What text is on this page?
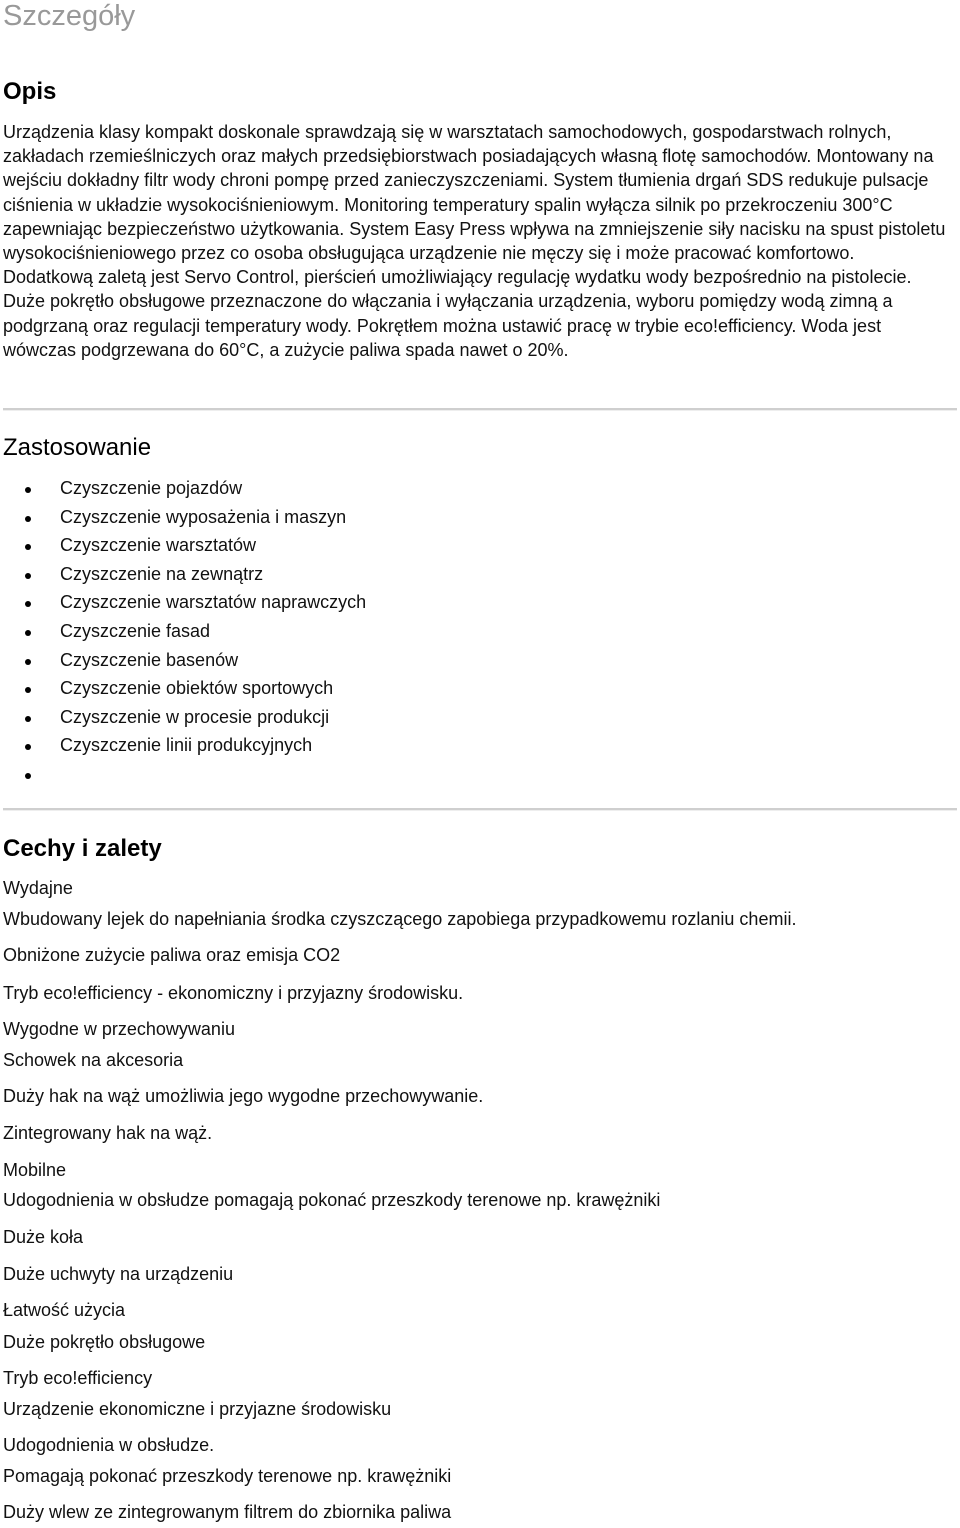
Szczegóły
Opis

Urządzenia klasy kompakt doskonale sprawdzają się w warsztatach samochodowych, gospodarstwach rolnych, zakładach rzemieślniczych oraz małych przedsiębiorstwach posiadających własną flotę samochodów. Montowany na wejściu dokładny filtr wody chroni pompę przed zanieczyszczeniami. System tłumienia drgań SDS redukuje pulsacje ciśnienia w układzie wysokociśnieniowym. Monitoring temperatury spalin wyłącza silnik po przekroczeniu 300°C zapewniając bezpieczeństwo użytkowania. System Easy Press wpływa na zmniejszenie siły nacisku na spust pistoletu wysokociśnieniowego przez co osoba obsługująca urządzenie nie męczy się i może pracować komfortowo. Dodatkową zaletą jest Servo Control, pierścień umożliwiający regulację wydatku wody bezpośrednio na pistolecie. Duże pokrętło obsługowe przeznaczone do włączania i wyłączania urządzenia, wyboru pomiędzy wodą zimną a podgrzaną oraz regulacji temperatury wody. Pokrętłem można ustawić pracę w trybie eco!efficiency. Woda jest wówczas podgrzewana do 60°C, a zużycie paliwa spada nawet o 20%.

Zastosowanie
Czyszczenie pojazdów
Czyszczenie wyposażenia i maszyn
Czyszczenie warsztatów
Czyszczenie na zewnątrz
Czyszczenie warsztatów naprawczych
Czyszczenie fasad
Czyszczenie basenów
Czyszczenie obiektów sportowych
Czyszczenie w procesie produkcji
Czyszczenie linii produkcyjnych
Cechy i zalety

Wydajne

Wbudowany lejek do napełniania środka czyszczącego zapobiega przypadkowemu rozlaniu chemii.

Obniżone zużycie paliwa oraz emisja CO2

Tryb eco!efficiency - ekonomiczny i przyjazny środowisku.

Wygodne w przechowywaniu

Schowek na akcesoria

Duży hak na wąż umożliwia jego wygodne przechowywanie.

Zintegrowany hak na wąż.

Mobilne

Udogodnienia w obsłudze pomagają pokonać przeszkody terenowe np. krawężniki

Duże koła

Duże uchwyty na urządzeniu

Łatwość użycia

Duże pokrętło obsługowe

Tryb eco!efficiency

Urządzenie ekonomiczne i przyjazne środowisku

Udogodnienia w obsłudze.

Pomagają pokonać przeszkody terenowe np. krawężniki

Duży wlew ze zintegrowanym filtrem do zbiornika paliwa
